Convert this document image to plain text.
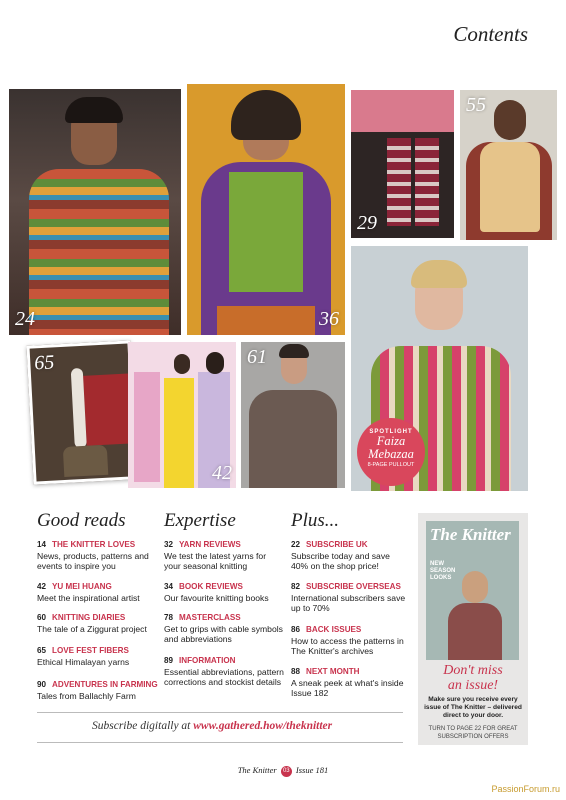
Contents
24	36
29
55
65
42
61
SPOTLIGHT
Faiza
Mebazaa
8-PAGE PULLOUT
Good reads Expertise	Plus...
14 THE KNITTER LOVES
News, products, patterns and events to inspire you
42 YU MEI HUANG
Meet the inspirational artist
60 KNITTING DIARIES
The tale of a Ziggurat project
65 LOVE FEST FIBERS
Ethical Himalayan yarns
90 ADVENTURES IN FARMING
Tales from Ballachly Farm
32 YARN REVIEWS
We test the latest yarns for your seasonal knitting
34 BOOK REVIEWS
Our favourite knitting books
78 MASTERCLASS
Get to grips with cable symbols and abbreviations
89 INFORMATION
Essential abbreviations, pattern corrections and stockist details
22 SUBSCRIBE UK
Subscribe today and save 40% on the shop price!
82 SUBSCRIBE OVERSEAS
International subscribers save up to 70%
86 BACK ISSUES
How to access the patterns in The Knitter's archives
88 NEXT MONTH
A sneak peek at what's inside Issue 182
Subscribe digitally at www.gathered.how/theknitter
The Knitter
NEW SEASON LOOKS
Don't miss
an issue!
Make sure you receive every issue of The Knitter – delivered direct to your door.
TURN TO PAGE 22 FOR GREAT SUBSCRIPTION OFFERS
The Knitter 03 Issue 181
PassionForum.ru
